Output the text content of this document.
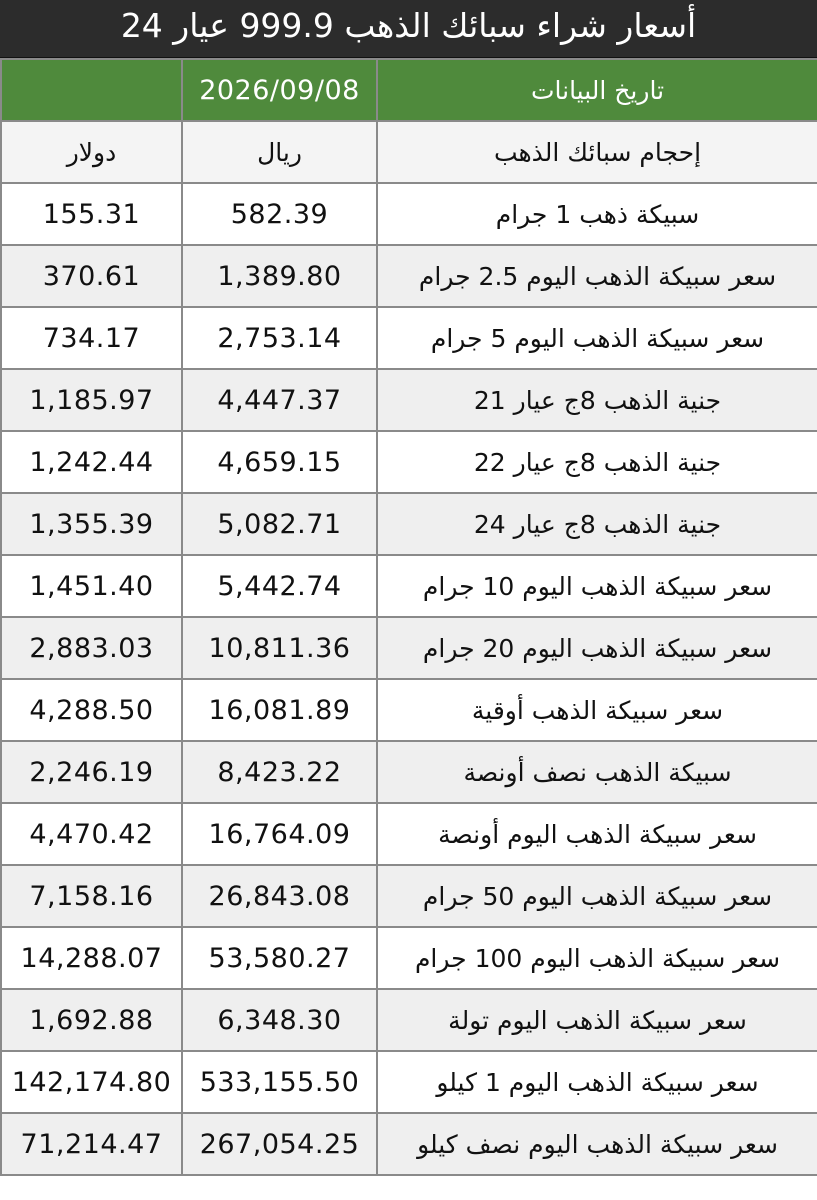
أسعار شراء سبائك الذهب 999.9 عيار 24
	2026/09/08	تاريخ البيانات
دولار	ريال	إحجام سبائك الذهب
155.31	582.39	سبيكة ذهب 1 جرام
370.61	1,389.80	سعر سبيكة الذهب اليوم 2.5 جرام
734.17	2,753.14	سعر سبيكة الذهب اليوم 5 جرام
1,185.97	4,447.37	جنية الذهب 8ج عيار 21
1,242.44	4,659.15	جنية الذهب 8ج عيار 22
1,355.39	5,082.71	جنية الذهب 8ج عيار 24
1,451.40	5,442.74	سعر سبيكة الذهب اليوم 10 جرام
2,883.03	10,811.36	سعر سبيكة الذهب اليوم 20 جرام
4,288.50	16,081.89	سعر سبيكة الذهب أوقية
2,246.19	8,423.22	سبيكة الذهب نصف أونصة
4,470.42	16,764.09	سعر سبيكة الذهب اليوم أونصة
7,158.16	26,843.08	سعر سبيكة الذهب اليوم 50 جرام
14,288.07	53,580.27	سعر سبيكة الذهب اليوم 100 جرام
1,692.88	6,348.30	سعر سبيكة الذهب اليوم تولة
142,174.80	533,155.50	سعر سبيكة الذهب اليوم 1 كيلو
71,214.47	267,054.25	سعر سبيكة الذهب اليوم نصف كيلو
